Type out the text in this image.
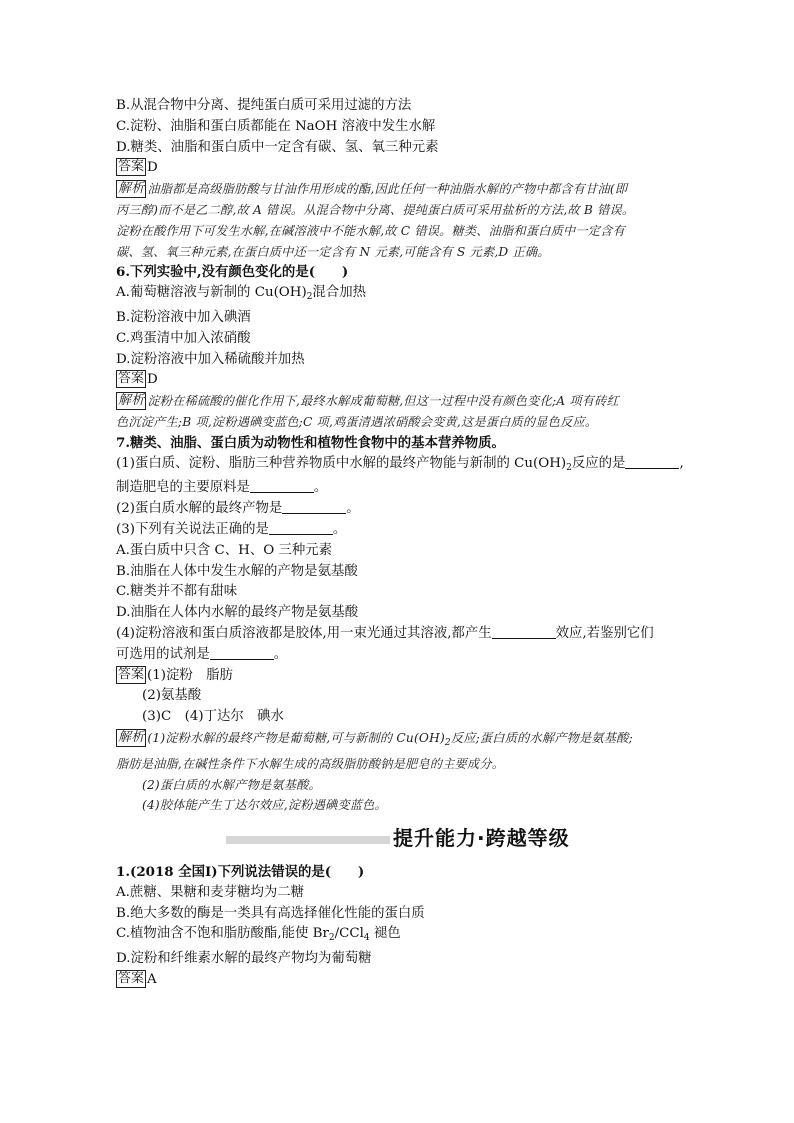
B.从混合物中分离、提纯蛋白质可采用过滤的方法
C.淀粉、油脂和蛋白质都能在 NaOH 溶液中发生水解
D.糖类、油脂和蛋白质中一定含有碳、氢、氧三种元素
答案 D
解析 油脂都是高级脂肪酸与甘油作用形成的酯,因此任何一种油脂水解的产物中都含有甘油(即
丙三醇)而不是乙二醇,故 A 错误。从混合物中分离、提纯蛋白质可采用盐析的方法,故 B 错误。
淀粉在酸作用下可发生水解,在碱溶液中不能水解,故 C 错误。糖类、油脂和蛋白质中一定含有
碳、氢、氧三种元素,在蛋白质中还一定含有 N 元素,可能含有 S 元素,D 正确。
6.下列实验中,没有颜色变化的是(　　)
A.葡萄糖溶液与新制的 $Cu(OH)_2$混合加热
B.淀粉溶液中加入碘酒
C.鸡蛋清中加入浓硝酸
D.淀粉溶液中加入稀硫酸并加热
答案 D
解析 淀粉在稀硫酸的催化作用下,最终水解成葡萄糖,但这一过程中没有颜色变化;A 项有砖红
色沉淀产生;B 项,淀粉遇碘变蓝色;C 项,鸡蛋清遇浓硝酸会变黄,这是蛋白质的显色反应。
7.糖类、油脂、蛋白质为动物性和植物性食物中的基本营养物质。
(1)蛋白质、淀粉、脂肪三种营养物质中水解的最终产物能与新制的 $Cu(OH)_2$反应的是	,
制造肥皂的主要原料是	。
(2)蛋白质水解的最终产物是	。
(3)下列有关说法正确的是	。
A.蛋白质中只含 C、H、O 三种元素
B.油脂在人体中发生水解的产物是氨基酸
C.糖类并不都有甜味
D.油脂在人体内水解的最终产物是氨基酸
(4)淀粉溶液和蛋白质溶液都是胶体,用一束光通过其溶液,都产生	效应,若鉴别它们
可选用的试剂是	。
答案 (1)淀粉　脂肪
(2)氨基酸
(3)C　(4)丁达尔　碘水
解析 (1)淀粉水解的最终产物是葡萄糖,可与新制的 $Cu(OH)_2$反应;蛋白质的水解产物是氨基酸;
脂肪是油脂,在碱性条件下水解生成的高级脂肪酸钠是肥皂的主要成分。
(2)蛋白质的水解产物是氨基酸。
(4)胶体能产生丁达尔效应,淀粉遇碘变蓝色。
提升能力·跨越等级
1.(2018 全国Ⅰ)下列说法错误的是(　　)
A.蔗糖、果糖和麦芽糖均为二糖
B.绝大多数的酶是一类具有高选择催化性能的蛋白质
C.植物油含不饱和脂肪酸酯,能使 $Br_2/CCl_4$ 褪色
D.淀粉和纤维素水解的最终产物均为葡萄糖
答案 A
